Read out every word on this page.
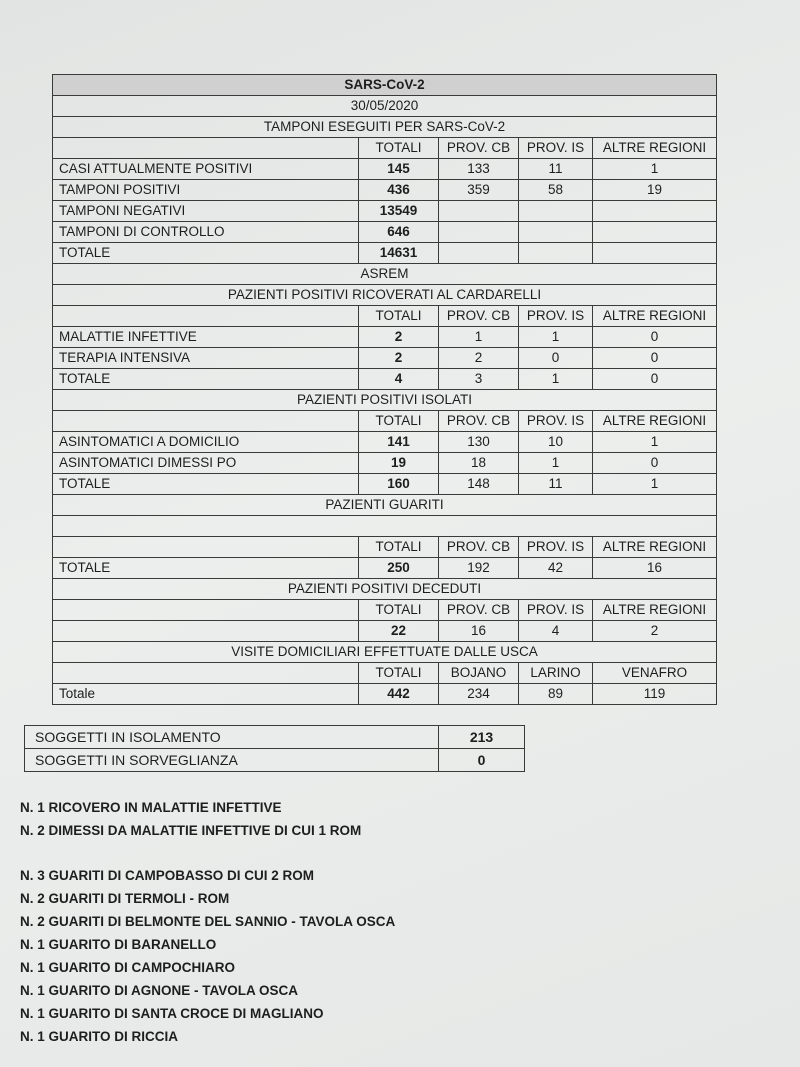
SARS-CoV-2				
30/05/2020				
TAMPONI ESEGUITI PER SARS-CoV-2				
	TOTALI	PROV. CB	PROV. IS	ALTRE REGIONI
CASI ATTUALMENTE POSITIVI	145	133	11	1
TAMPONI POSITIVI	436	359	58	19
TAMPONI NEGATIVI	13549			
TAMPONI DI CONTROLLO	646			
TOTALE	14631			
ASREM				
PAZIENTI POSITIVI RICOVERATI AL CARDARELLI				
	TOTALI	PROV. CB	PROV. IS	ALTRE REGIONI
MALATTIE INFETTIVE	2	1	1	0
TERAPIA INTENSIVA	2	2	0	0
TOTALE	4	3	1	0
PAZIENTI POSITIVI ISOLATI				
	TOTALI	PROV. CB	PROV. IS	ALTRE REGIONI
ASINTOMATICI A DOMICILIO	141	130	10	1
ASINTOMATICI DIMESSI PO	19	18	1	0
TOTALE	160	148	11	1
PAZIENTI GUARITI				

	TOTALI	PROV. CB	PROV. IS	ALTRE REGIONI
TOTALE	250	192	42	16
PAZIENTI POSITIVI DECEDUTI				
	TOTALI	PROV. CB	PROV. IS	ALTRE REGIONI
	22	16	4	2
VISITE DOMICILIARI EFFETTUATE DALLE USCA				
	TOTALI	BOJANO	LARINO	VENAFRO
Totale	442	234	89	119
SOGGETTI IN ISOLAMENTO	213
SOGGETTI IN SORVEGLIANZA	0
N. 1 RICOVERO IN MALATTIE INFETTIVE
N. 2 DIMESSI DA MALATTIE INFETTIVE DI CUI 1 ROM
N. 3 GUARITI DI CAMPOBASSO DI CUI 2 ROM
N. 2 GUARITI DI TERMOLI - ROM
N. 2 GUARITI DI BELMONTE DEL SANNIO - TAVOLA OSCA
N. 1 GUARITO DI BARANELLO
N. 1 GUARITO DI CAMPOCHIARO
N. 1 GUARITO DI AGNONE - TAVOLA OSCA
N. 1 GUARITO DI SANTA CROCE DI MAGLIANO
N. 1 GUARITO DI RICCIA
